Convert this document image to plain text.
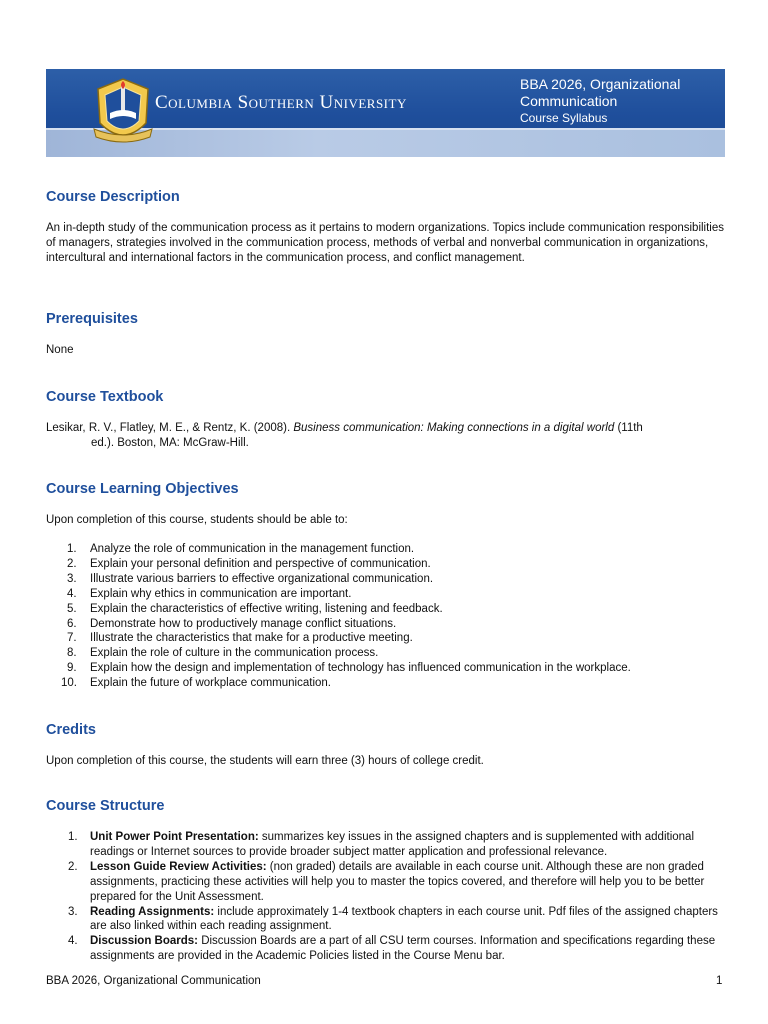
Columbia Southern University
BBA 2026, Organizational Communication
Course Syllabus
Course Description

An in-depth study of the communication process as it pertains to modern organizations. Topics include communication responsibilities of managers, strategies involved in the communication process, methods of verbal and nonverbal communication in organizations, intercultural and international factors in the communication process, and conflict management.

Prerequisites

None

Course Textbook

Lesikar, R. V., Flatley, M. E., & Rentz, K. (2008). Business communication: Making connections in a digital world (11th ed.). Boston, MA: McGraw-Hill.

Course Learning Objectives

Upon completion of this course, students should be able to:

1. Analyze the role of communication in the management function.
2. Explain your personal definition and perspective of communication.
3. Illustrate various barriers to effective organizational communication.
4. Explain why ethics in communication are important.
5. Explain the characteristics of effective writing, listening and feedback.
6. Demonstrate how to productively manage conflict situations.
7. Illustrate the characteristics that make for a productive meeting.
8. Explain the role of culture in the communication process.
9. Explain how the design and implementation of technology has influenced communication in the workplace.
10. Explain the future of workplace communication.
Credits

Upon completion of this course, the students will earn three (3) hours of college credit.

Course Structure
1. Unit Power Point Presentation: summarizes key issues in the assigned chapters and is supplemented with additional readings or Internet sources to provide broader subject matter application and professional relevance.
2. Lesson Guide Review Activities: (non graded) details are available in each course unit. Although these are non graded assignments, practicing these activities will help you to master the topics covered, and therefore will help you to be better prepared for the Unit Assessment.
3. Reading Assignments: include approximately 1-4 textbook chapters in each course unit. Pdf files of the assigned chapters are also linked within each reading assignment.
4. Discussion Boards: Discussion Boards are a part of all CSU term courses. Information and specifications regarding these assignments are provided in the Academic Policies listed in the Course Menu bar.
BBA 2026, Organizational Communication	1
